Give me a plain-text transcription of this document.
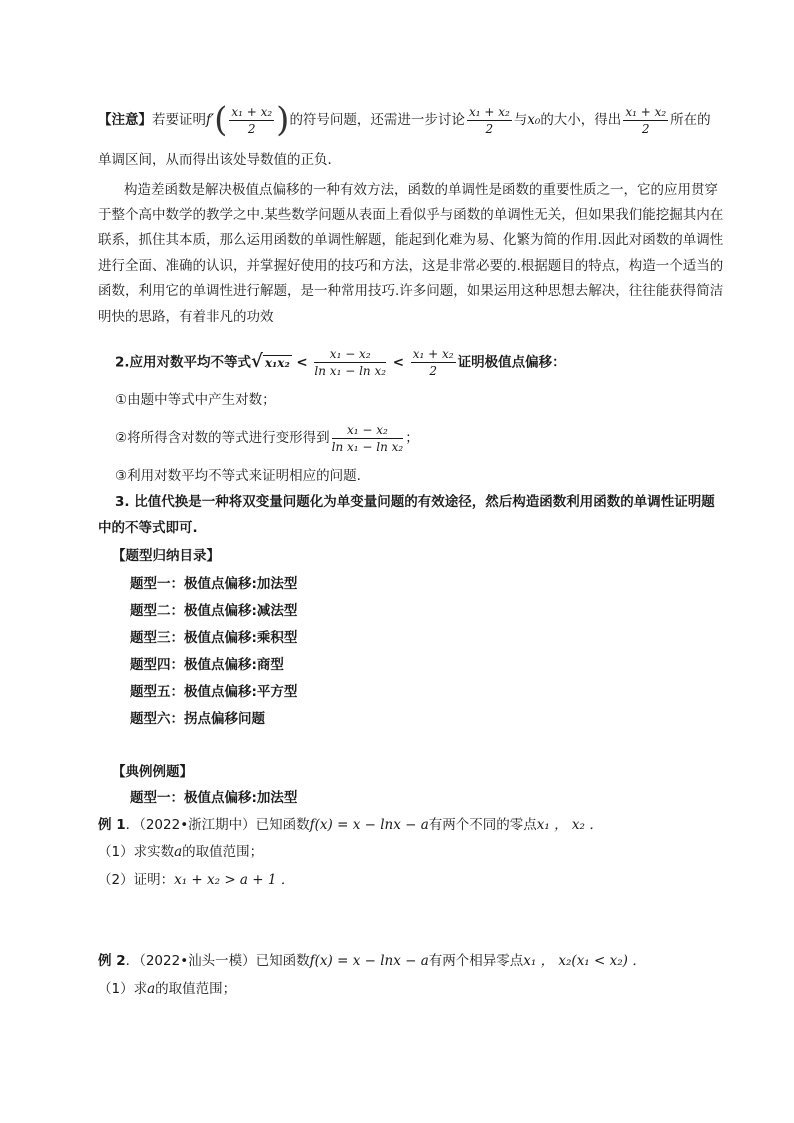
【注意】若要证明$f'( \frac{\text{x₁ + x₂}}{2}$ )的符号问题，还需进一步讨论 $\frac{\text{x₁ + x₂}}{2}$ 与x₀的大小，得出 $\frac{\text{x₁ + x₂}}{2}$ 所在的
单调区间，从而得出该处导数值的正负．
构造差函数是解决极值点偏移的一种有效方法，函数的单调性是函数的重要性质之一，它的应用贯穿
于整个高中数学的教学之中.某些数学问题从表面上看似乎与函数的单调性无关，但如果我们能挖掘其内在
联系，抓住其本质，那么运用函数的单调性解题，能起到化难为易、化繁为简的作用.因此对函数的单调性
进行全面、准确的认识，并掌握好使用的技巧和方法，这是非常必要的.根据题目的特点，构造一个适当的
函数，利用它的单调性进行解题，是一种常用技巧.许多问题，如果运用这种思想去解决，往往能获得简洁
明快的思路，有着非凡的功效
2.应用对数平均不等式√ $x_1x_2 < \frac{\text{x₁ − x₂}}{\text{ln x₁ − ln x₂}} < \frac{\text{x₁ + x₂}}{2}$ 证明极值点偏移：
①由题中等式中产生对数；
②将所得含对数的等式进行变形得到 $\frac{\text{x₁ − x₂}}{\text{ln x₁ − ln x₂}}$ ；
③利用对数平均不等式来证明相应的问题.
3. 比值代换是一种将双变量问题化为单变量问题的有效途径，然后构造函数利用函数的单调性证明题
中的不等式即可.
【题型归纳目录】
题型一：极值点偏移:加法型
题型二：极值点偏移:减法型
题型三：极值点偏移:乘积型
题型四：极值点偏移:商型
题型五：极值点偏移:平方型
题型六：拐点偏移问题
【典例例题】
题型一：极值点偏移:加法型
例 1．（2022•浙江期中）已知函数f(x) = x − lnx − a有两个不同的零点x₁ ， x₂ ．
（1）求实数a的取值范围；
（2）证明：x₁ + x₂ > a + 1 ．
例 2．（2022•汕头一模）已知函数f(x) = x − lnx − a有两个相异零点x₁ ， x₂(x₁ < x₂) ．
（1）求a的取值范围；
